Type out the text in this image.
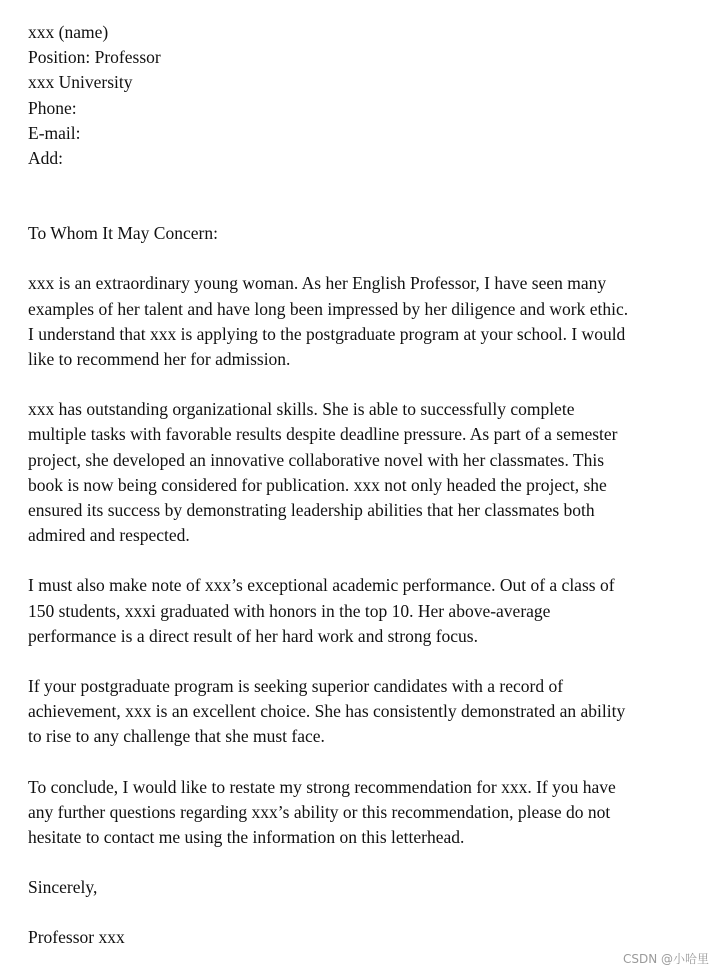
xxx (name)
Position: Professor
xxx University
Phone:
E-mail:
Add:
To Whom It May Concern:
xxx is an extraordinary young woman. As her English Professor, I have seen many
examples of her talent and have long been impressed by her diligence and work ethic.
I understand that xxx is applying to the postgraduate program at your school. I would
like to recommend her for admission.
xxx has outstanding organizational skills. She is able to successfully complete
multiple tasks with favorable results despite deadline pressure. As part of a semester
project, she developed an innovative collaborative novel with her classmates. This
book is now being considered for publication. xxx not only headed the project, she
ensured its success by demonstrating leadership abilities that her classmates both
admired and respected.
I must also make note of xxx’s exceptional academic performance. Out of a class of
150 students, xxxi graduated with honors in the top 10. Her above-average
performance is a direct result of her hard work and strong focus.
If your postgraduate program is seeking superior candidates with a record of
achievement, xxx is an excellent choice. She has consistently demonstrated an ability
to rise to any challenge that she must face.
To conclude, I would like to restate my strong recommendation for xxx. If you have
any further questions regarding xxx’s ability or this recommendation, please do not
hesitate to contact me using the information on this letterhead.
Sincerely,
Professor xxx
CSDN @小哈里
